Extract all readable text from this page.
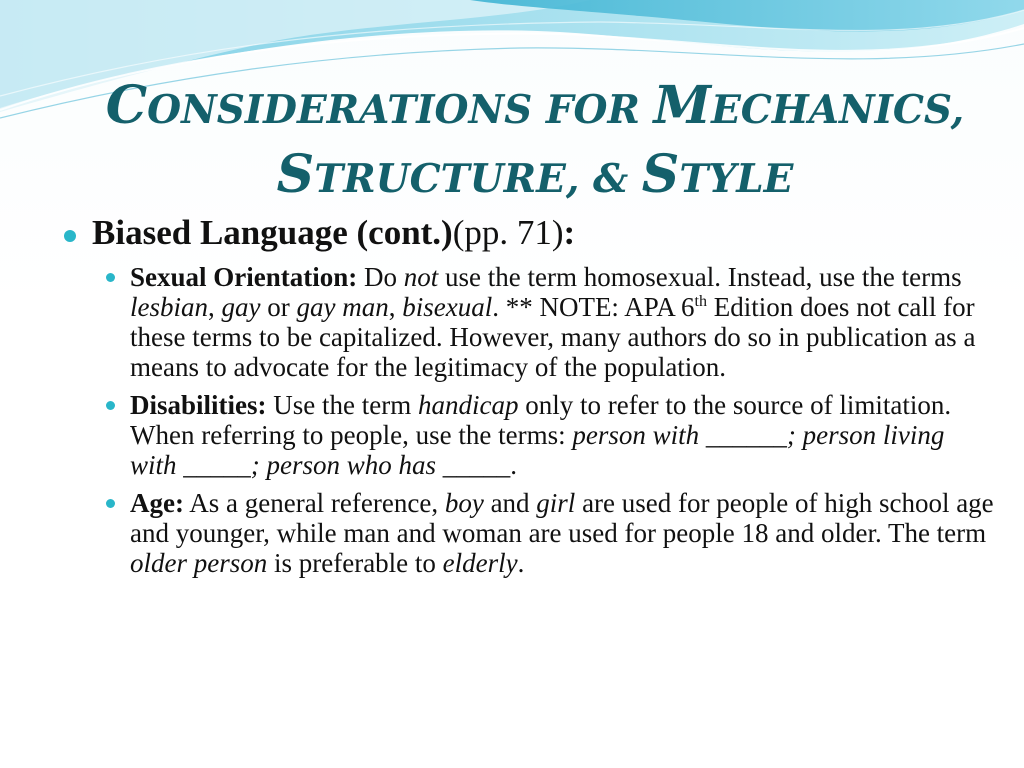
CONSIDERATIONS FOR MECHANICS,
STRUCTURE, & STYLE
Biased Language (cont.)(pp. 71):
Sexual Orientation: Do not use the term homosexual. Instead, use the terms lesbian, gay or gay man, bisexual. ** NOTE: APA 6th Edition does not call for these terms to be capitalized. However, many authors do so in publication as a means to advocate for the legitimacy of the population.
Disabilities: Use the term handicap only to refer to the source of limitation. When referring to people, use the terms: person with ______; person living with _____; person who has _____.
Age: As a general reference, boy and girl are used for people of high school age and younger, while man and woman are used for people 18 and older. The term older person is preferable to elderly.
